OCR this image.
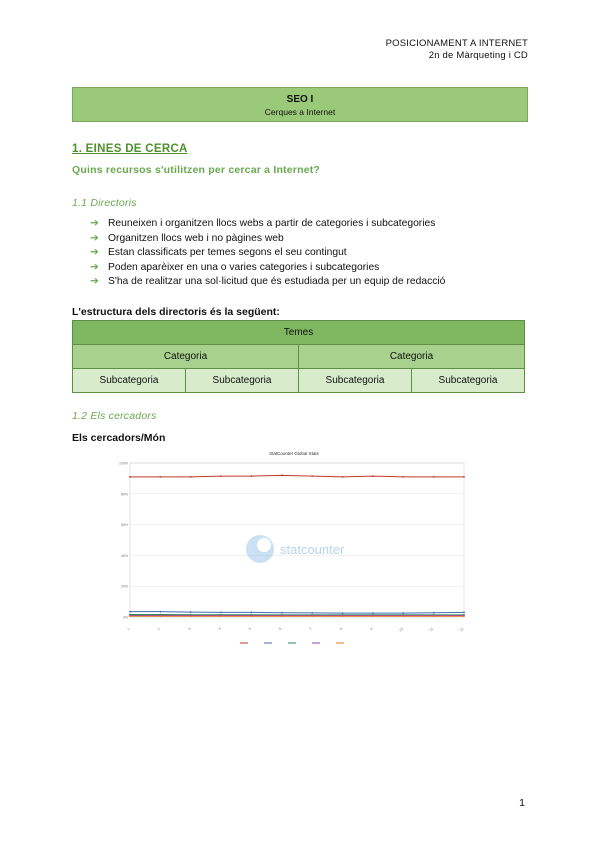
POSICIONAMENT A INTERNET
2n de Màrqueting i CD
SEO I
Cerques a Internet
1. EINES DE CERCA
Quins recursos s'utilitzen per cercar a Internet?
1.1 Directoris
➔ Reuneixen i organitzen llocs webs a partir de categories i subcategories
➔ Organitzen llocs web i no pàgines web
➔ Estan classificats per temes segons el seu contingut
➔ Poden aparèixer en una o varies categories i subcategories
➔ S'ha de realitzar una sol·licitud que és estudiada per un equip de redacció
L'estructura dels directoris és la següent:
Temes			
Categoria		Categoria	
Subcategoria	Subcategoria	Subcategoria	Subcategoria
1.2 Els cercadors
Els cercadors/Món
StatCounter Global Stats
0%
20%
40%
60%
80%
100%
1	2	3	4	5	6	7	8	9	10	11	12
statcounter
1
